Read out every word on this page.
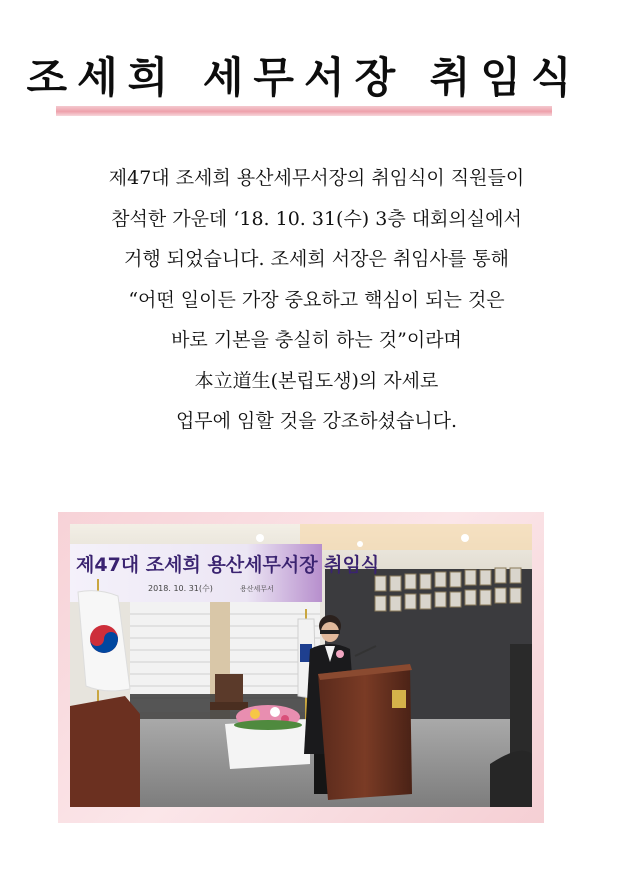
조세희 세무서장 취임식
제47대 조세희 용산세무서장의 취임식이 직원들이
참석한 가운데 ‘18. 10. 31(수) 3층 대회의실에서
거행 되었습니다. 조세희 서장은 취임사를 통해
“어떤 일이든 가장 중요하고 핵심이 되는 것은
바로 기본을 충실히 하는 것”이라며
本立道生(본립도생)의 자세로
업무에 임할 것을 강조하셨습니다.
제47대 조세희 용산세무서장 취임식
2018. 10. 31(수)	용산세무서
